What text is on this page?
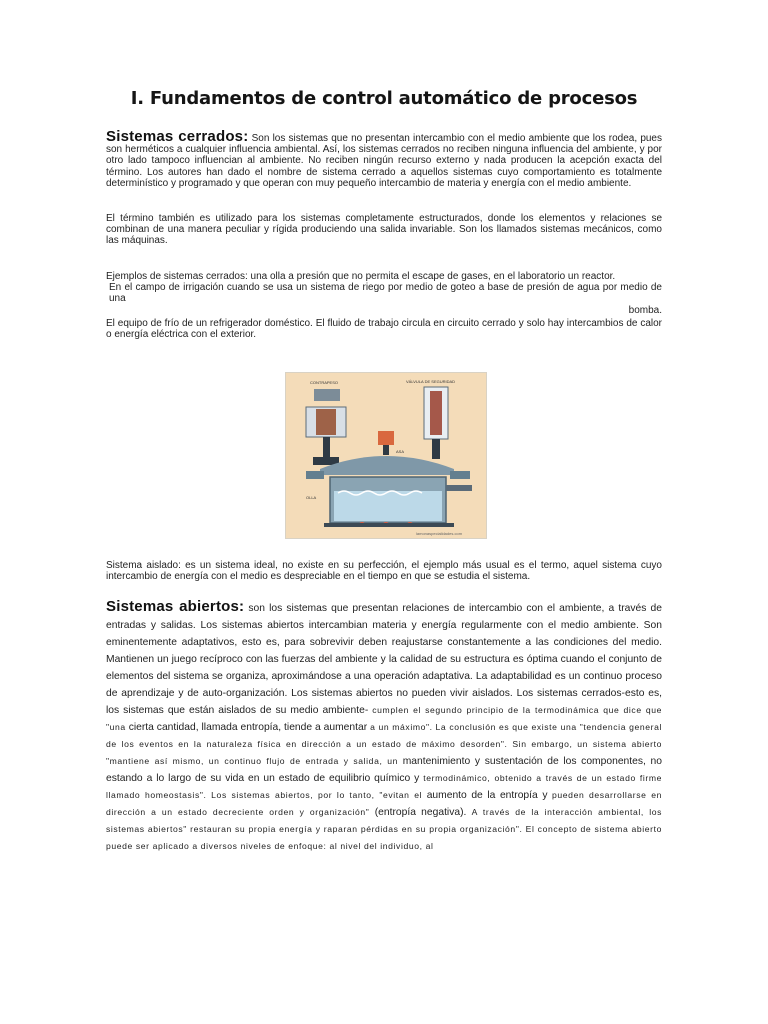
I. Fundamentos de control automático de procesos

Sistemas cerrados: Son los sistemas que no presentan intercambio con el medio ambiente que los rodea, pues son herméticos a cualquier influencia ambiental. Así, los sistemas cerrados no reciben ninguna influencia del ambiente, y por otro lado tampoco influencian al ambiente. No reciben ningún recurso externo y nada producen la acepción exacta del término. Los autores han dado el nombre de sistema cerrado a aquellos sistemas cuyo comportamiento es totalmente determinístico y programado y que operan con muy pequeño intercambio de materia y energía con el medio ambiente.

El término también es utilizado para los sistemas completamente estructurados, donde los elementos y relaciones se combinan de una manera peculiar y rígida produciendo una salida invariable. Son los llamados sistemas mecánicos, como las máquinas.

Ejemplos de sistemas cerrados: una olla a presión que no permita el escape de gases, en el laboratorio un reactor.
En el campo de irrigación cuando se usa un sistema de riego por medio de goteo a base de presión de agua por medio de una
bomba.

El equipo de frío de un refrigerador doméstico. El fluido de trabajo circula en circuito cerrado y solo hay intercambios de calor o energía eléctrica con el exterior.

CONTRAPESO	VÁLVULA DE SEGURIDAD
ASA
OLLA
lamonaspecialidades.com

Sistema aislado: es un sistema ideal, no existe en su perfección, el ejemplo más usual es el termo, aquel sistema cuyo intercambio de energía con el medio es despreciable en el tiempo en que se estudia el sistema.

Sistemas abiertos: son los sistemas que presentan relaciones de intercambio con el ambiente, a través de entradas y salidas. Los sistemas abiertos intercambian materia y energía regularmente con el medio ambiente. Son eminentemente adaptativos, esto es, para sobrevivir deben reajustarse constantemente a las condiciones del medio. Mantienen un juego recíproco con las fuerzas del ambiente y la calidad de su estructura es óptima cuando el conjunto de elementos del sistema se organiza, aproximándose a una operación adaptativa. La adaptabilidad es un continuo proceso de aprendizaje y de auto-organización. Los sistemas abiertos no pueden vivir aislados. Los sistemas cerrados-esto es, los sistemas que están aislados de su medio ambiente- cumplen el segundo principio de la termodinámica que dice que "una cierta cantidad, llamada entropía, tiende a aumentar a un máximo". La conclusión es que existe una "tendencia general de los eventos en la naturaleza física en dirección a un estado de máximo desorden". Sin embargo, un sistema abierto "mantiene así mismo, un continuo flujo de entrada y salida, un mantenimiento y sustentación de los componentes, no estando a lo largo de su vida en un estado de equilibrio químico y termodinámico, obtenido a través de un estado firme llamado homeostasis". Los sistemas abiertos, por lo tanto, "evitan el aumento de la entropía y pueden desarrollarse en dirección a un estado decreciente orden y organización" (entropía negativa). A través de la interacción ambiental, los sistemas abiertos" restauran su propia energía y raparan pérdidas en su propia organización". El concepto de sistema abierto puede ser aplicado a diversos niveles de enfoque: al nivel del individuo, al
